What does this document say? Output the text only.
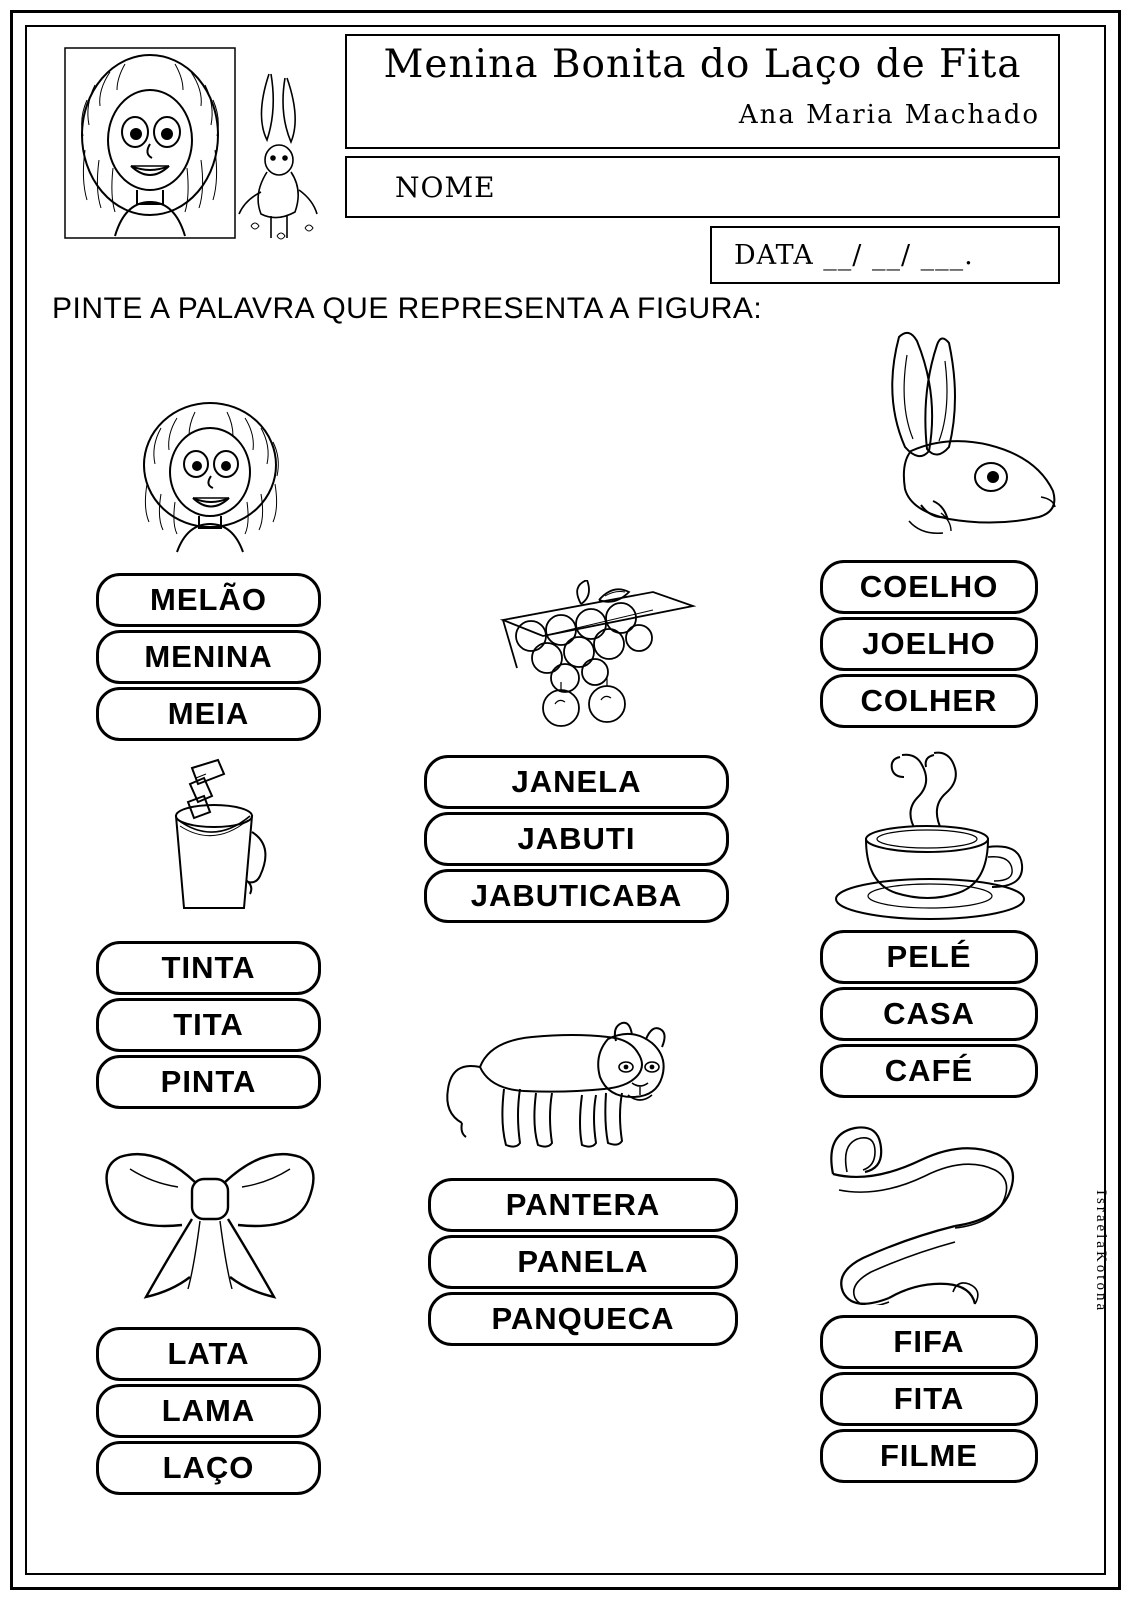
Menina Bonita do Laço de Fita
Ana Maria Machado
NOME
DATA __/ __/ ___.
PINTE A PALAVRA QUE REPRESENTA A FIGURA:
MELÃO
MENINA
MEIA
TINTA
TITA
PINTA
LATA
LAMA
LAÇO
JANELA
JABUTI
JABUTICABA
PANTERA
PANELA
PANQUECA
COELHO
JOELHO
COLHER
PELÉ
CASA
CAFÉ
FIFA
FITA
FILME
IsraelaKotona
